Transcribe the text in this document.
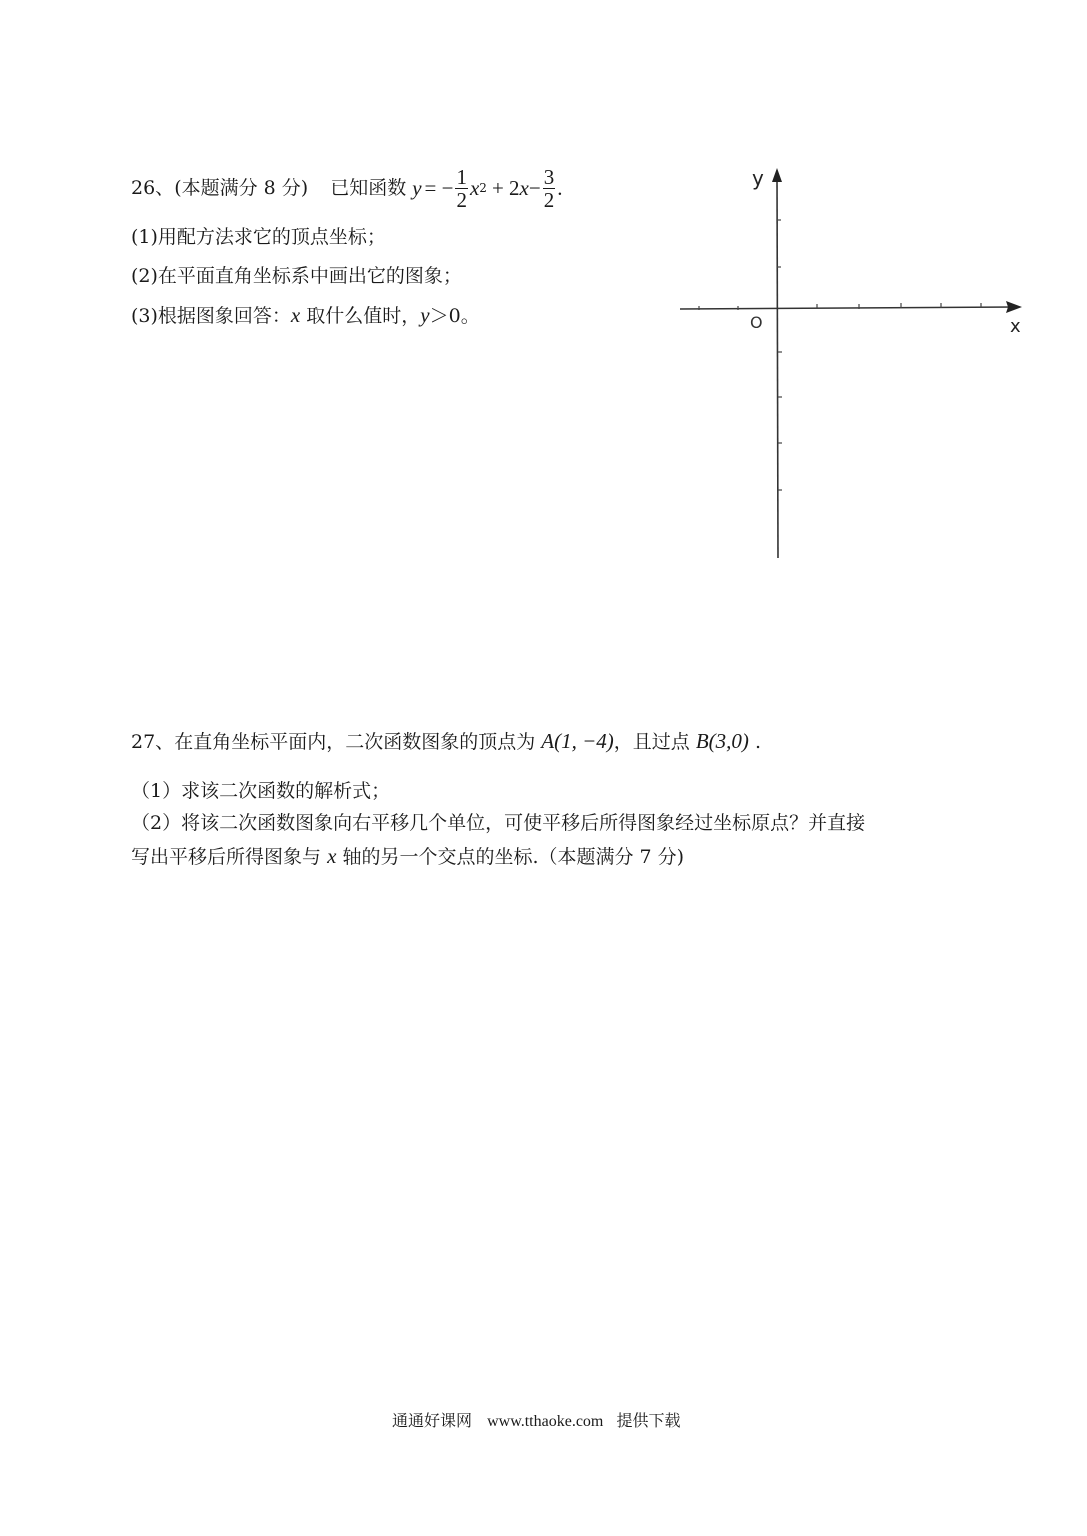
26、 (本题满分 8 分) 已知函数 y = − $\frac{1}{2}$ x 2 + 2 $x - \frac{3}{2}$ .
(1)用配方法求它的顶点坐标；
(2)在平面直角坐标系中画出它的图象；
(3)根据图象回答：x 取什么值时，y＞0。
y
x
O
27、在直角坐标平面内，二次函数图象的顶点为 A(1, −4)，且过点 B(3,0) .
（1）求该二次函数的解析式；
（2）将该二次函数图象向右平移几个单位，可使平移后所得图象经过坐标原点？并直接
写出平移后所得图象与 x 轴的另一个交点的坐标.（本题满分 7 分)
通通好课网 www.tthaoke.com 提供下载
